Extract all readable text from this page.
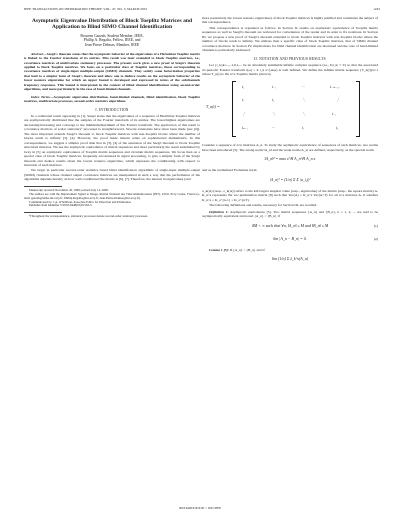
IEEE TRANSACTIONS ON INFORMATION THEORY, VOL. 47, NO. 3, MARCH 2001	1243
Asymptotic Eigenvalue Distribution of Block Toeplitz Matrices and Application to Blind SIMO Channel Identification
Boucem Gazzah, Student Member, IEEE,
Phillip A. Regalia, Fellow, IEEE, and
Jean-Pierre Delmas, Member, IEEE

Abstract—Szegö's theorem states that the asymptotic behavior of the eigenvalues of a Hermitian Toeplitz matrix is linked to the Fourier transform of its entries. This result was later extended to block Toeplitz matrices, i.e., covariance matrices of multivariate stationary processes. The present work gives a new proof of Szegö's theorem applied to block Toeplitz matrices. We focus on a particular class of Toeplitz matrices, those corresponding to covariance matrices of single-input multiple-output (SIMO) channels. They satisfy some factorization properties that lead to a simpler form of Szegö's theorem and allow one to deduce results on the asymptotic behavior of the lower nonzero eigenvalue for which an upper bound is developed and expressed in terms of the subchannels frequency responses. This bound is interpreted in the context of blind channel identification using second-order algorithms, and more particularly in the case of band-limited channels.

Index Terms—Asymptotic eigenvalue distribution, band-limited channels, blind identification, block Toeplitz matrices, multivariate processes, second-order statistics algorithms.

I. INTRODUCTION

In a celebrated result appearing in [1], Szegö states that the eigenvalues of a sequence of Hermitian Toeplitz matrices are asymptotically distributed like the samples of the Fourier transform of its entries. The lower/highest eigenvalues are decreasing/increasing and converge to the minimum/maximum of this Fourier transform. The application of this result to covariance matrices of scalar stationary¹ processes is straightforward. Several extensions have since been made (see [2]). The most important extends Szegö's theorem to block Toeplitz matrices with non-Toeplitz blocks where the number of blocks tends to infinity [3], [4]. However, the proof made therein relies on sophisticated mathematics. In this correspondence, we suggest a simpler proof than that in [3], [4] of the extension of the Szegö theorem to block Toeplitz structured matrices. We use the asymptotic equivalence of matrix sequences and more particularly the result established by Gray in [5] on asymptotic equivalence of Toeplitz matrix sequences and circulant matrix sequences. We focus then on a special class of block Toeplitz matrices, frequently encountered in signal processing, to give a simpler form of the Szegö theorem and deduce results about the lowest nonzero eigenvalue, which expresses the conditioning with respect to inversion of such matrices.

We target in particular second-order statistics based blind identification algorithms of single-input multiple-output (SIMO) channels whose channel output covariance matrices are manipulated in such a way that the performance of the algorithms depends heavily on how well-conditioned the matrix is [6], [7]. Therefore, the interest in eigenvalues (and

Manuscript received November 26, 1998; revised July 14, 2000.
The authors are with the Département Signal et Image, Institut National des Télécommunications (INT), 91011 Evry Cedex, France (e-mail: gazzah@sirius.int-evry.fr; Phillip.Regalia@int-evry.fr; Jean-Pierre.Delmas@int-evry.fr).
Communicated by J. A. O'Sullivan, Associate Editor for Detection and Estimation.
Publisher Item Identifier S 0018-9448(01)01563-5.
¹Throughout the correspondence, stationary processes denote second-order stationary processes.

more particularly the lowest nonzero eigenvalue) of block Toeplitz matrices is highly justified and constitutes the subject of this correspondence.

This correspondence is organized as follows. In Section II, results on asymptotic equivalence of Toeplitz matrix sequences as well as Szegö's theorem are reviewed for convenience of the reader and in order to fix notations. In Section III, we propose a new proof of Szegö's theorem extended to block Toeplitz matrices with non-Toeplitz blocks where the number of blocks tends to infinity. We address then a specific class of block Toeplitz matrices, that of SIMO channel covariance matrices. In Section IV, implications for blind channel identification are discussed and the case of band-limited channels is particularly addressed.

II. NOTATION AND PREVIOUS RESULTS

Let {t_k}k=...,-1,0,1,... be an absolutely summable infinite complex sequence (i.e., Σ|t_k| < ∞) so that the associated 2π-periodic Fourier transform t(ω) = Σ t_k e^(-ikω) is well defined. We define the infinite matrix sequence {T_n(t)}n≥1 where T_n(t) is the n×n Toeplitz matrix given by

T_n(t) =
t₀	t₋₁	···	t₋₍ₙ₋₁₎
t₁	t₀	⋱	⋮
⋮	⋱	⋱	t₋₁
tₙ₋₁	···	t₁	t₀

Consider a sequence of n×n matrices A_n. To study the asymptotic equivalence of sequences of such matrices, two norms have been introduced [5]. The strong norm ‖A_n‖ and the weak norm |A_n| are defined, respectively, as the spectral norm

‖A_n‖² = max x^H A_n^H A_n x

and as the normalized Frobenius norm

|A_n|² = (1/n) Σ Σ |a_i,j|²

σ_k(A) (resp., λ_k(A)) refers to the kth largest singular value (resp., eigenvalue) of the matrix (resp., the square matrix) A. K_n^s represents the vec-permutation matrix [8] such that Vec(A) = K_n^s Vec(A^T) for all n×s matrices A. It satisfies K_n^s = K_s^{n-1} = K_s^{nT}.

The following definitions and results, necessary for Section III, are recalled.

Definition 1: Asymptotic equivalence [5]. Two matrix sequences {A_n} and {B_n}, n = 1, 2, ... are said to be asymptotically equivalent and noted {A_n} ~ {B_n} if

∃M < ∞ such that ∀n, ‖A_n‖ ≤ M and ‖B_n‖ ≤ M	(1)
lim |A_n − B_n| = 0.	(2)

Lemma 1 [5]: If {A_n} ~ {B_n} and if

lim (1/n) Σ λ_k^s(A_n)
0018-9448/01$10.00 © 2001 IEEE
